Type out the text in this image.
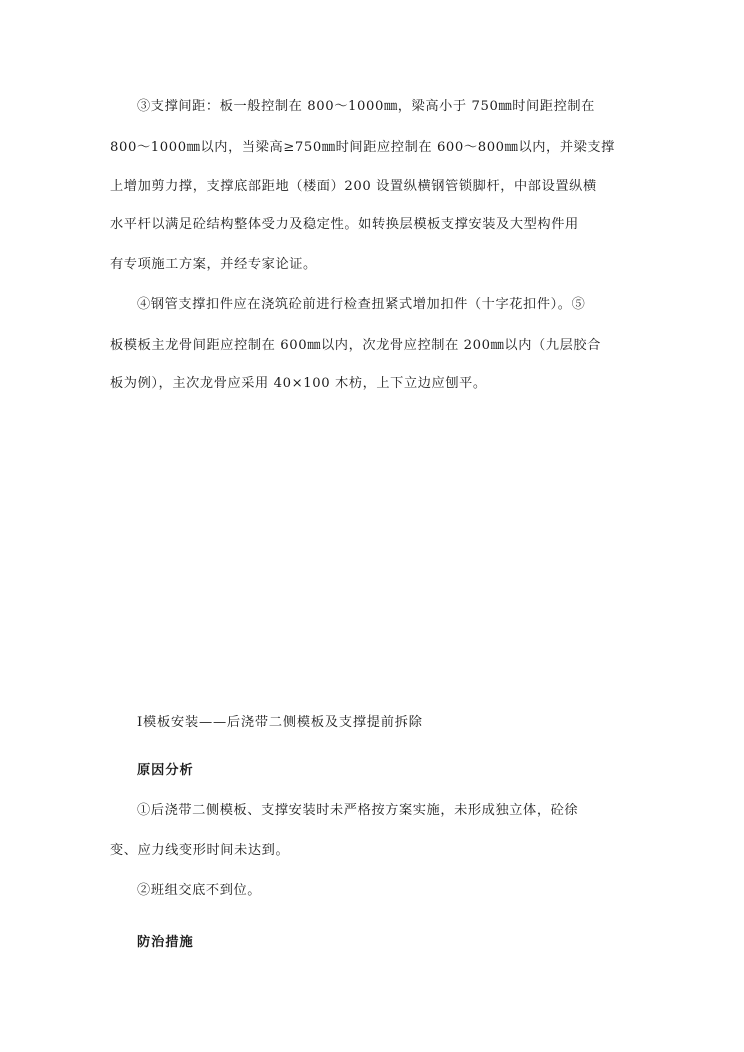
③支撑间距：板一般控制在 800～1000㎜，梁高小于 750㎜时间距控制在
800～1000㎜以内，当梁高≥750㎜时间距应控制在 600～800㎜以内，并梁支撑
上增加剪力撑，支撑底部距地（楼面）200 设置纵横钢管锁脚杆，中部设置纵横
水平杆以满足砼结构整体受力及稳定性。如转换层模板支撑安装及大型构件用
有专项施工方案，并经专家论证。
④钢管支撑扣件应在浇筑砼前进行检查扭紧式增加扣件（十字花扣件）。⑤
板模板主龙骨间距应控制在 600㎜以内，次龙骨应控制在 200㎜以内（九层胶合
板为例），主次龙骨应采用 40×100 木枋，上下立边应刨平。
Ⅰ模板安装——后浇带二侧模板及支撑提前拆除
原因分析
①后浇带二侧模板、支撑安装时未严格按方案实施，未形成独立体，砼徐
变、应力线变形时间未达到。
②班组交底不到位。
防治措施
